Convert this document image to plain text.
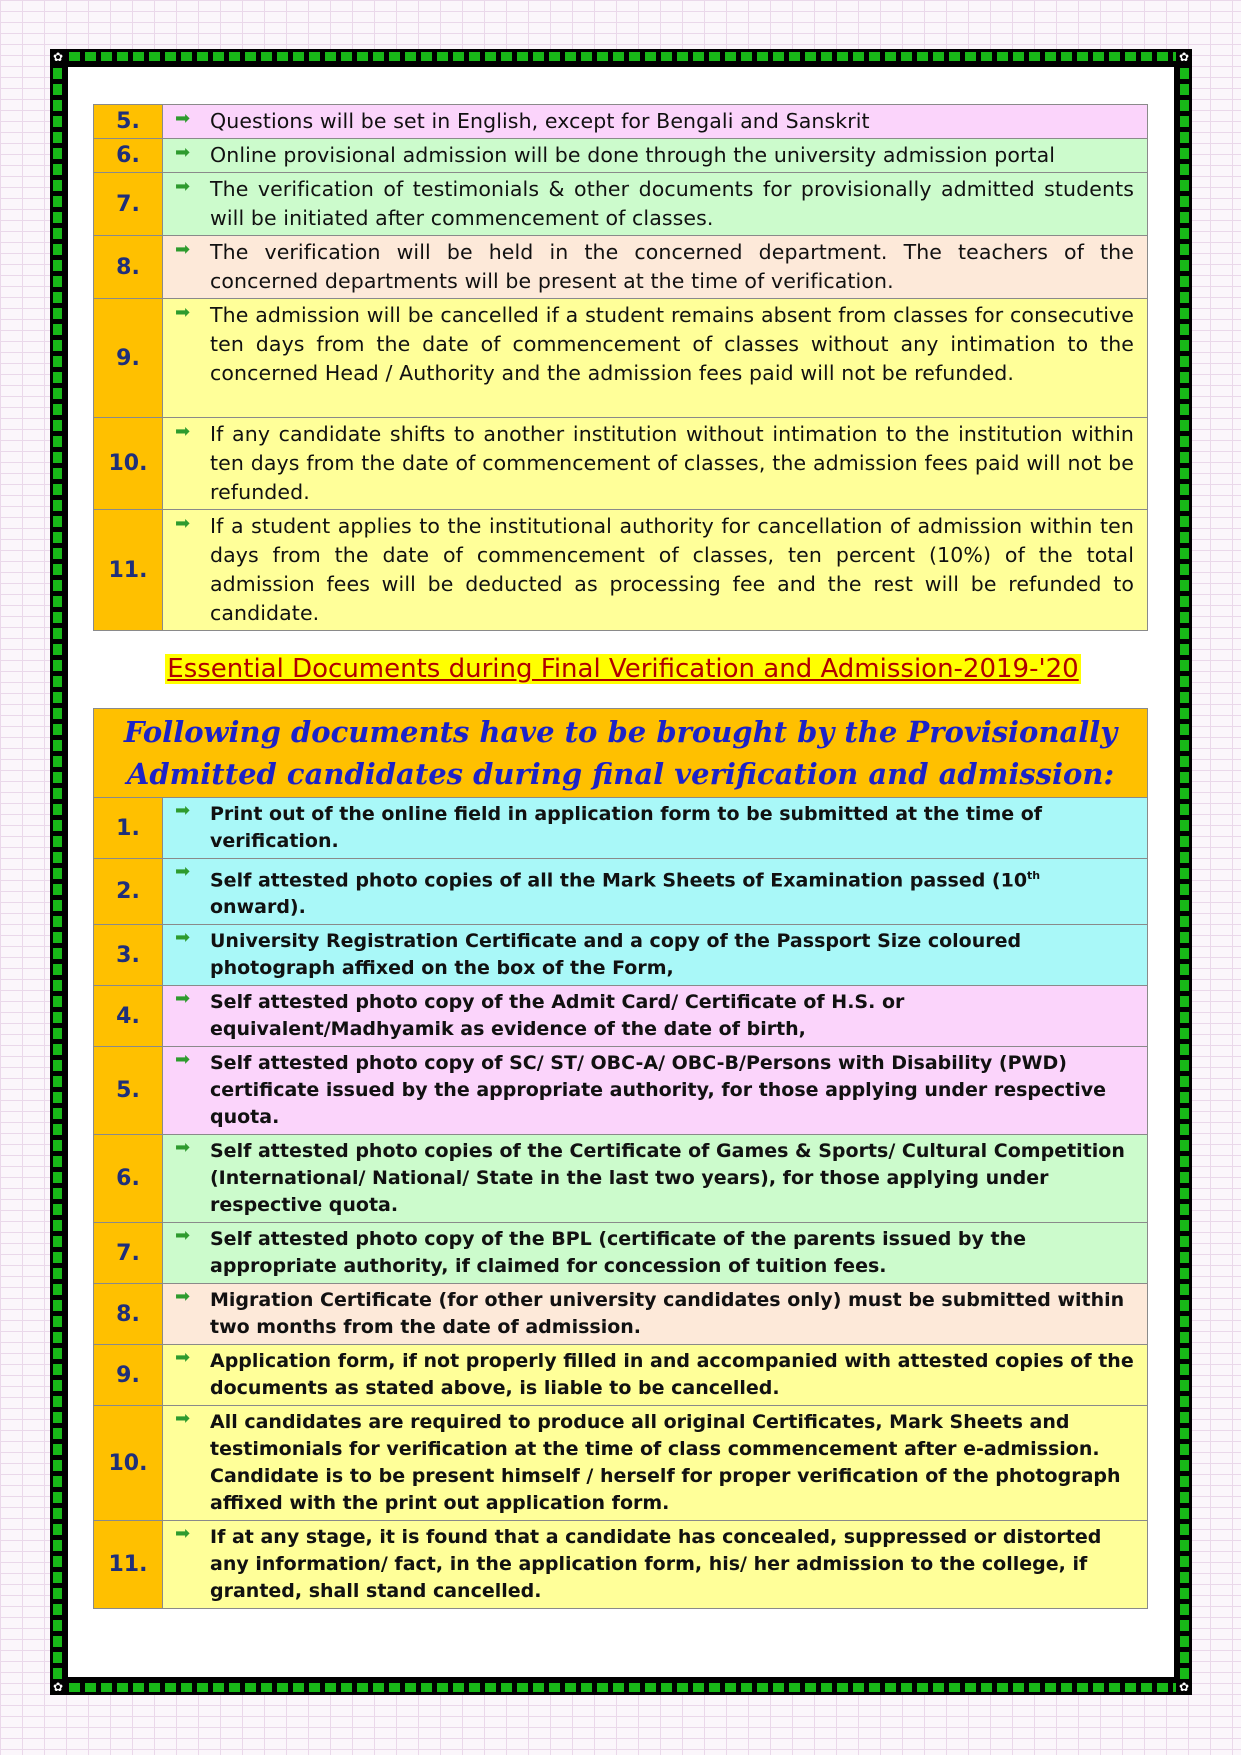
✿	✿
✿	✿
5.	➡ Questions will be set in English, except for Bengali and Sanskrit

6.	➡ Online provisional admission will be done through the university admission portal

7.	➡ The verification of testimonials & other documents for provisionally admitted students will be initiated after commencement of classes.

8.	➡ The verification will be held in the concerned department. The teachers of the concerned departments will be present at the time of verification.

9.	➡ The admission will be cancelled if a student remains absent from classes for consecutive ten days from the date of commencement of classes without any intimation to the concerned Head / Authority and the admission fees paid will not be refunded.

10.	➡ If any candidate shifts to another institution without intimation to the institution within ten days from the date of commencement of classes, the admission fees paid will not be refunded.

11.	➡ If a student applies to the institutional authority for cancellation of admission within ten days from the date of commencement of classes, ten percent (10%) of the total admission fees will be deducted as processing fee and the rest will be refunded to candidate.
Essential Documents during Final Verification and Admission-2019-'20
Following documents have to be brought by the Provisionally Admitted candidates during final verification and admission:	
1.	➡ Print out of the online field in application form to be submitted at the time of verification.

2.	➡ Self attested photo copies of all the Mark Sheets of Examination passed (10th onward).

3.	➡ University Registration Certificate and a copy of the Passport Size coloured photograph affixed on the box of the Form,

4.	➡ Self attested photo copy of the Admit Card/ Certificate of H.S. or equivalent/Madhyamik as evidence of the date of birth,

5.	➡ Self attested photo copy of SC/ ST/ OBC-A/ OBC-B/Persons with Disability (PWD) certificate issued by the appropriate authority, for those applying under respective quota.

6.	➡ Self attested photo copies of the Certificate of Games & Sports/ Cultural Competition (International/ National/ State in the last two years), for those applying under respective quota.

7.	➡ Self attested photo copy of the BPL (certificate of the parents issued by the appropriate authority, if claimed for concession of tuition fees.

8.	➡ Migration Certificate (for other university candidates only) must be submitted within two months from the date of admission.

9.	➡ Application form, if not properly filled in and accompanied with attested copies of the documents as stated above, is liable to be cancelled.

10.	➡ All candidates are required to produce all original Certificates, Mark Sheets and testimonials for verification at the time of class commencement after e-admission. Candidate is to be present himself / herself for proper verification of the photograph affixed with the print out application form.

11.	➡ If at any stage, it is found that a candidate has concealed, suppressed or distorted any information/ fact, in the application form, his/ her admission to the college, if granted, shall stand cancelled.
